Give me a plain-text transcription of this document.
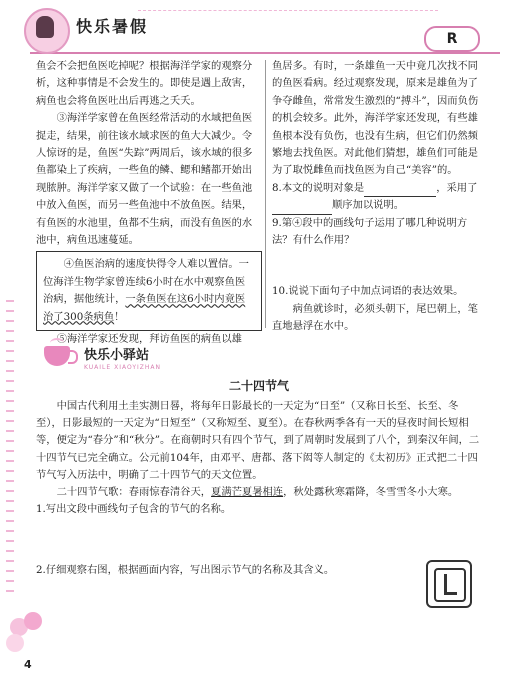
快乐暑假
R

鱼会不会把鱼医吃掉呢？根据海洋学家的观察分析，这种事情是不会发生的。即使是遇上敌害，病鱼也会将鱼医吐出后再逃之夭夭。

③海洋学家曾在鱼医经常活动的水域把鱼医捉走，结果，前往该水域求医的鱼大大减少。令人惊讶的是，鱼医“失踪”两周后，该水域的很多鱼都染上了疾病，一些鱼的鳞、鳃和鳍都开始出现脓肿。海洋学家又做了一个试验：在一些鱼池中放入鱼医，而另一些鱼池中不放鱼医。结果，有鱼医的水池里，鱼都不生病，而没有鱼医的水池中，病鱼迅速蔓延。

④鱼医治病的速度快得令人难以置信。一位海洋生物学家曾连续6小时在水中观察鱼医治病，据他统计，一条鱼医在这6小时内竟医治了300条病鱼！

⑤海洋学家还发现，拜访鱼医的病鱼以雄

鱼居多。有时，一条雄鱼一天中竟几次找不同的鱼医看病。经过观察发现，原来是雄鱼为了争夺雌鱼，常常发生激烈的“搏斗”，因而负伤的机会较多。此外，海洋学家还发现，有些雄鱼根本没有负伤，也没有生病，但它们仍然频繁地去找鱼医。对此他们猜想，雄鱼们可能是为了取悦雌鱼而找鱼医为自己“美容”的。

8.本文的说明对象是	，采用了

顺序加以说明。

9.第④段中的画线句子运用了哪几种说明方法？有什么作用？

10.说说下面句子中加点词语的表达效果。

病鱼就诊时，必须头朝下，尾巴朝上，笔直地悬浮在水中。

快乐小驿站
KUAILE XIAOYIZHAN
二十四节气

中国古代利用土圭实测日晷，将每年日影最长的一天定为“日至”（又称日长至、长至、冬至），日影最短的一天定为“日短至”（又称短至、夏至）。在春秋两季各有一天的昼夜时间长短相等，便定为“春分”和“秋分”。在商朝时只有四个节气，到了周朝时发展到了八个，到秦汉年间，二十四节气已完全确立。公元前104年，由邓平、唐都、落下闳等人制定的《太初历》正式把二十四节气写入历法中，明确了二十四节气的天文位置。

二十四节气歌：春雨惊春清谷天，夏满芒夏暑相连，秋处露秋寒霜降，冬雪雪冬小大寒。

1.写出文段中画线句子包含的节气的名称。

2.仔细观察右图，根据画面内容，写出图示节气的名称及其含义。

4
